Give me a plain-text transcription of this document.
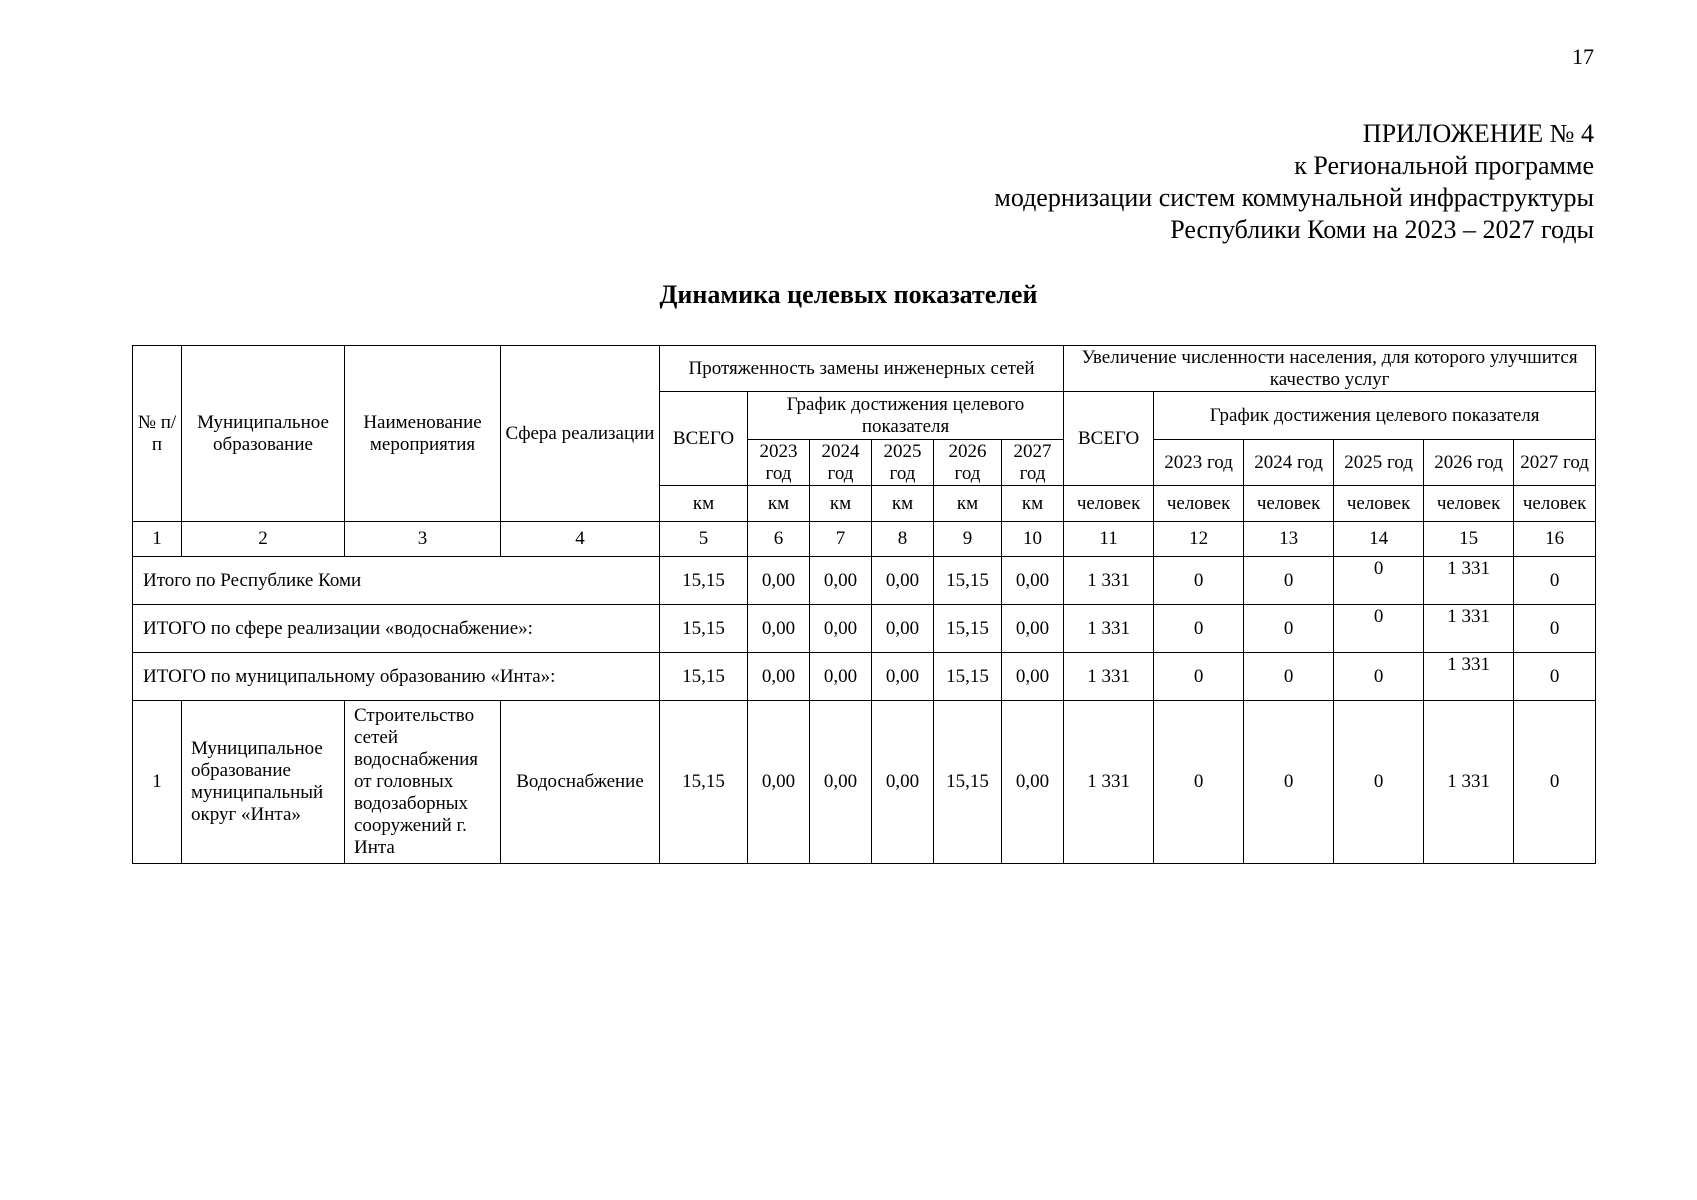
17
ПРИЛОЖЕНИЕ № 4
к Региональной программе
модернизации систем коммунальной инфраструктуры
Республики Коми на 2023 – 2027 годы
Динамика целевых показателей
№ п/п	Муниципальное образование	Наименование мероприятия	Сфера реализации	Протяженность замены инженерных сетей						Увеличение численности населения, для которого улучшится качество услуг					
				ВСЕГО	График достижения целевого показателя					ВСЕГО	График достижения целевого показателя				
					2023 год	2024 год	2025 год	2026 год	2027 год		2023 год	2024 год	2025 год	2026 год	2027 год
				км	км	км	км	км	км	человек	человек	человек	человек	человек	человек
1	2	3	4	5	6	7	8	9	10	11	12	13	14	15	16
Итого по Республике Коми				15,15	0,00	0,00	0,00	15,15	0,00	1 331	0	0	0	1 331	0
ИТОГО по сфере реализации «водоснабжение»:				15,15	0,00	0,00	0,00	15,15	0,00	1 331	0	0	0	1 331	0
ИТОГО по муниципальному образованию «Инта»:				15,15	0,00	0,00	0,00	15,15	0,00	1 331	0	0	0	1 331	0
1	Муниципальное образование муниципальный округ «Инта»	Строительство сетей водоснабжения от головных водозаборных сооружений г. Инта	Водоснабжение	15,15	0,00	0,00	0,00	15,15	0,00	1 331	0	0	0	1 331	0
